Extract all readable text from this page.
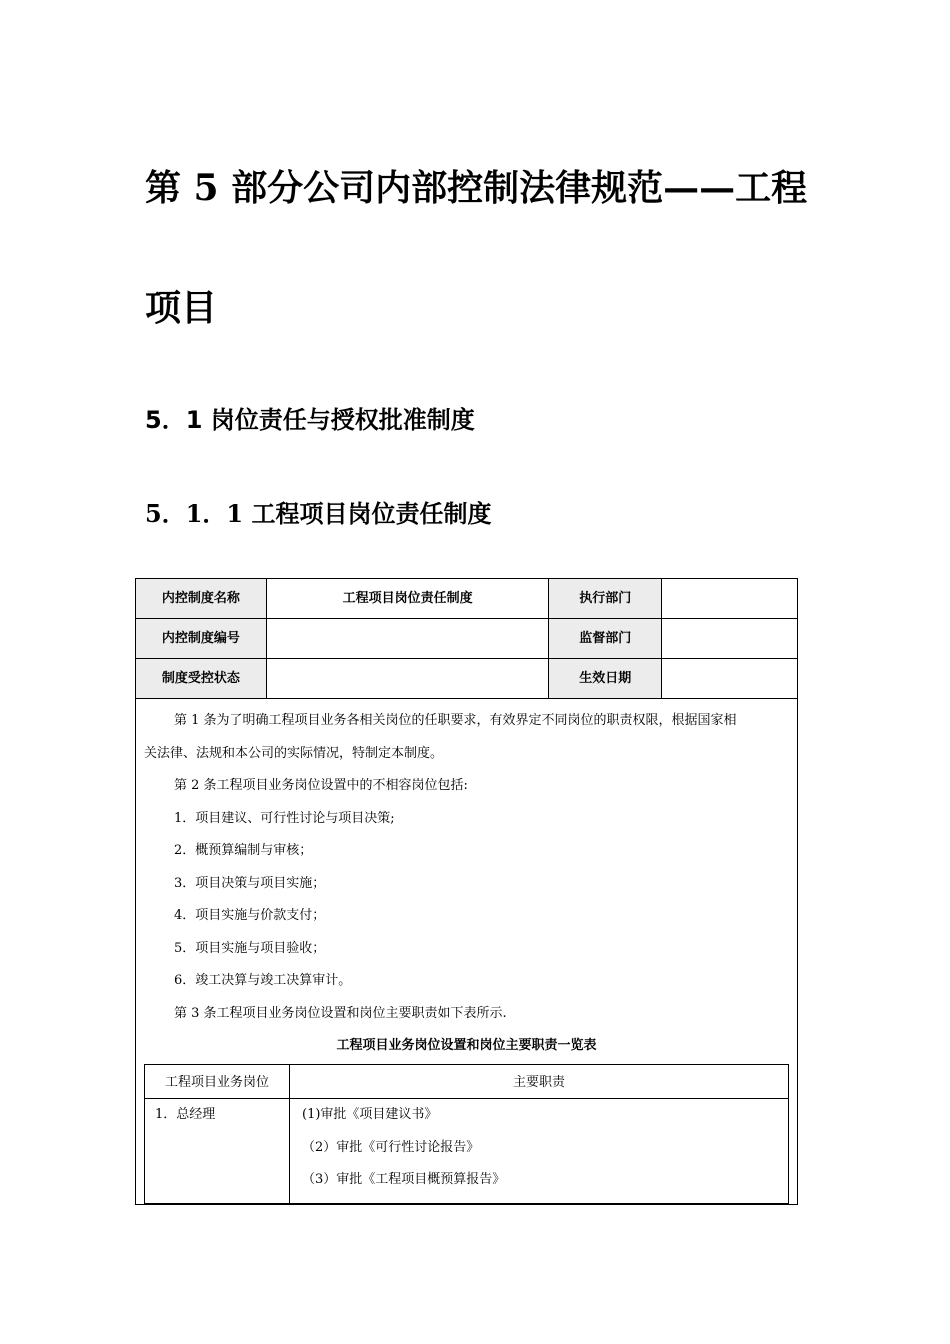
第 5 部分公司内部控制法律规范——工程
项目
5．1 岗位责任与授权批准制度
5．1．1 工程项目岗位责任制度
内控制度名称	工程项目岗位责任制度	执行部门	
内控制度编号		监督部门	
制度受控状态		生效日期	

第 1 条为了明确工程项目业务各相关岗位的任职要求，有效界定不同岗位的职责权限，根据国家相

关法律、法规和本公司的实际情况，特制定本制度。

第 2 条工程项目业务岗位设置中的不相容岗位包括:

1．项目建议、可行性讨论与项目决策;

2．概预算编制与审核；

3．项目决策与项目实施；

4．项目实施与价款支付；

5．项目实施与项目验收；

6．竣工决算与竣工决算审计。

第 3 条工程项目业务岗位设置和岗位主要职责如下表所示.

工程项目业务岗位设置和岗位主要职责一览表

工程项目业务岗位	主要职责
1．总经理	(1)审批《项目建议书》

（2）审批《可行性讨论报告》

（3）审批《工程项目概预算报告》
